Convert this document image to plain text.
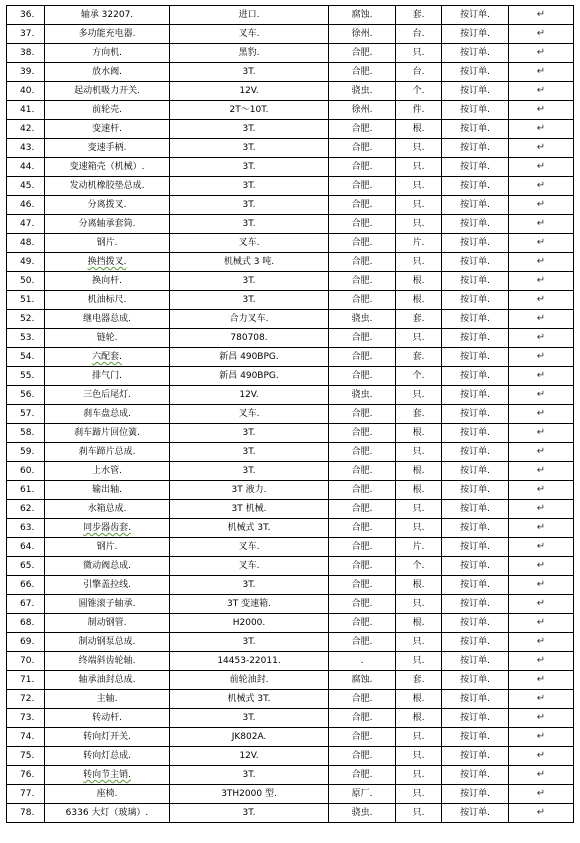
36.	轴承 32207.	进口.	腐蚀.	套.	按订单.	↵
37.	多功能充电器.	叉车.	徐州.	台.	按订单.	↵
38.	方向机.	黑豹.	合肥.	只.	按订单.	↵
39.	放水阀.	3T.	合肥.	台.	按订单.	↵
40.	起动机吸力开关.	12V.	骁虫.	个.	按订单.	↵
41.	前轮壳.	2T～10T.	徐州.	件.	按订单.	↵
42.	变速杆.	3T.	合肥.	根.	按订单.	↵
43.	变速手柄.	3T.	合肥.	只.	按订单.	↵
44.	变速箱壳（机械）.	3T.	合肥.	只.	按订单.	↵
45.	发动机橡胶垫总成.	3T.	合肥.	只.	按订单.	↵
46.	分离拨叉.	3T.	合肥.	只.	按订单.	↵
47.	分离轴承套筒.	3T.	合肥.	只.	按订单.	↵
48.	钢片.	叉车.	合肥.	片.	按订单.	↵
49.	换挡拨叉.	机械式 3 吨.	合肥.	只.	按订单.	↵
50.	换向杆.	3T.	合肥.	根.	按订单.	↵
51.	机油标尺.	3T.	合肥.	根.	按订单.	↵
52.	继电器总成.	合力叉车.	骁虫.	套.	按订单.	↵
53.	链轮.	780708.	合肥.	只.	按订单.	↵
54.	六配套.	新昌 490BPG.	合肥.	套.	按订单.	↵
55.	排气门.	新昌 490BPG.	合肥.	个.	按订单.	↵
56.	三色后尾灯.	12V.	骁虫.	只.	按订单.	↵
57.	刹车盘总成.	叉车.	合肥.	套.	按订单.	↵
58.	刹车蹄片回位簧.	3T.	合肥.	根.	按订单.	↵
59.	刹车蹄片总成.	3T.	合肥.	只.	按订单.	↵
60.	上水管.	3T.	合肥.	根.	按订单.	↵
61.	输出轴.	3T 液力.	合肥.	根.	按订单.	↵
62.	水箱总成.	3T 机械.	合肥.	只.	按订单.	↵
63.	同步器齿套.	机械式 3T.	合肥.	只.	按订单.	↵
64.	钢片.	叉车.	合肥.	片.	按订单.	↵
65.	微动阀总成.	叉车.	合肥.	个.	按订单.	↵
66.	引擎盖拉线.	3T.	合肥.	根.	按订单.	↵
67.	圆锥滚子轴承.	3T 变速箱.	合肥.	只.	按订单.	↵
68.	制动钢管.	H2000.	合肥.	根.	按订单.	↵
69.	制动钢泵总成.	3T.	合肥.	只.	按订单.	↵
70.	终端斜齿轮轴.	14453-22011.	.	只.	按订单.	↵
71.	轴承油封总成.	前轮油封.	腐蚀.	套.	按订单.	↵
72.	主轴.	机械式 3T.	合肥.	根.	按订单.	↵
73.	转动杆.	3T.	合肥.	根.	按订单.	↵
74.	转向灯开关.	JK802A.	合肥.	只.	按订单.	↵
75.	转向灯总成.	12V.	合肥.	只.	按订单.	↵
76.	转向节主销.	3T.	合肥.	只.	按订单.	↵
77.	座椅.	3TH2000 型.	原厂.	只.	按订单.	↵
78.	6336 大灯（玻璃）.	3T.	骁虫.	只.	按订单.	↵
